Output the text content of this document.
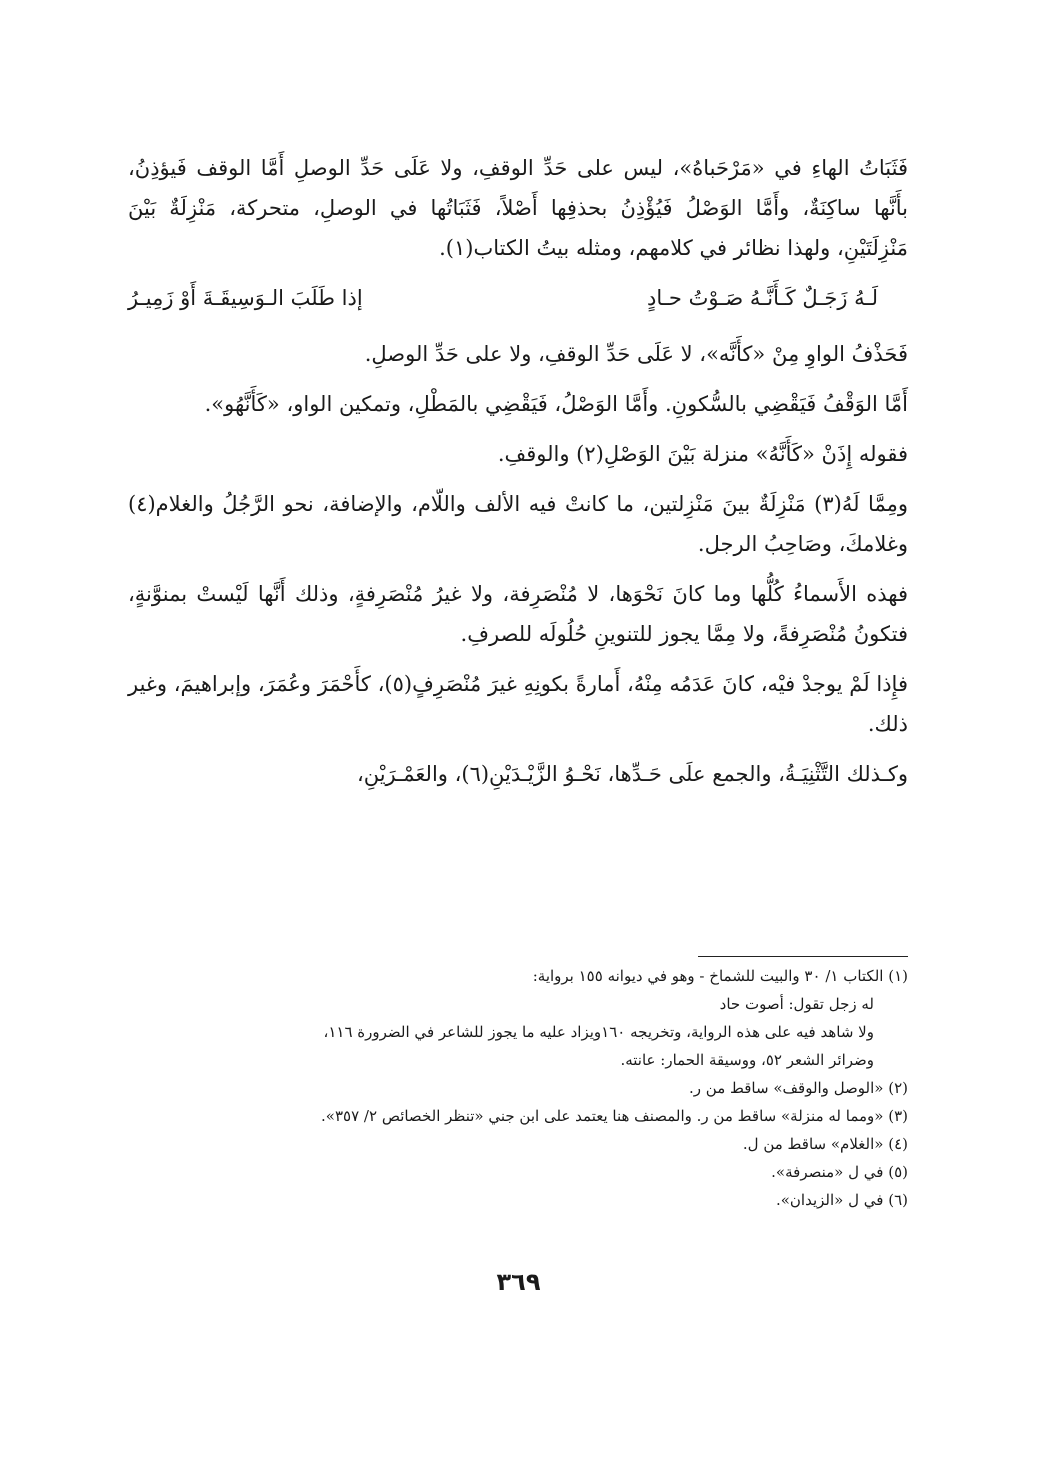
فَثَبَاتُ الهاءِ في «مَرْحَباهُ»، ليس على حَدِّ الوقفِ، ولا عَلَى حَدِّ الوصلِ أَمَّا الوقف فَيؤذِنُ، بأَنَّها ساكِنَةٌ، وأَمَّا الوَصْلُ فَيُؤْذِنُ بحذفِها أَصْلاً، فَثَبَاتُها في الوصلِ، متحركة، مَنْزِلَةٌ بَيْنَ مَنْزِلَتَيْنِ، ولهذا نظائر في كلامهم، ومثله بيتُ الكتاب(١).

لَـهُ زَجَـلٌ كَـأَنَّـهُ صَـوْتُ حـادٍ
إذا طَلَبَ الـوَسِيقَـةَ أَوْ زَمِيـرُ

فَحَذْفُ الواوِ مِنْ «كأَنَّه»، لا عَلَى حَدِّ الوقفِ، ولا على حَدِّ الوصلِ.

أَمَّا الوَقْفُ فَيَقْضِي بالسُّكونِ. وأَمَّا الوَصْلُ، فَيَقْضِي بالمَطْلِ، وتمكين الواو، «كَأَنَّهُو».

فقوله إِذَنْ «كَأَنَّهُ» منزلة بَيْنَ الوَصْلِ(٢) والوقفِ.

ومِمَّا لَهُ(٣) مَنْزِلَةٌ بينَ مَنْزِلتين، ما كانتْ فيه الألف واللّام، والإضافة، نحو الرَّجُلُ والغلام(٤) وغلامكَ، وصَاحِبُ الرجل.

فهذه الأَسماءُ كُلُّها وما كانَ نَحْوَها، لا مُنْصَرِفة، ولا غيرُ مُنْصَرِفةٍ، وذلك أَنَّها لَيْستْ بمنوَّنةٍ، فتكونُ مُنْصَرِفةً، ولا مِمَّا يجوز للتنوينِ حُلُولَه للصرفِ.

فإِذا لَمْ يوجدْ فيْه، كانَ عَدَمُه مِنْهُ، أَمارةً بكونِهِ غيرَ مُنْصَرِفٍ(٥)، كأَحْمَرَ وعُمَرَ، وإبراهيمَ، وغير ذلك.

وكـذلك التَّثْنِيَـةُ، والجمع علَى حَـدِّها، نَحْـوُ الزَّيْـدَيْنِ(٦)، والعَمْـرَيْنِ،

(١) الكتاب ١/ ٣٠ والبيت للشماخ - وهو في ديوانه ١٥٥ برواية:

له زجل تقول: أصوت حاد

ولا شاهد فيه على هذه الرواية، وتخريجه ١٦٠ويزاد عليه ما يجوز للشاعر في الضرورة ١١٦،

وضرائر الشعر ٥٢، ووسيقة الحمار: عانته.

(٢) «الوصل والوقف» ساقط من ر.

(٣) «ومما له منزلة» ساقط من ر. والمصنف هنا يعتمد على ابن جني «تنظر الخصائص ٢/ ٣٥٧».

(٤) «الغلام» ساقط من ل.

(٥) في ل «منصرفة».

(٦) في ل «الزيدان».

٣٦٩
